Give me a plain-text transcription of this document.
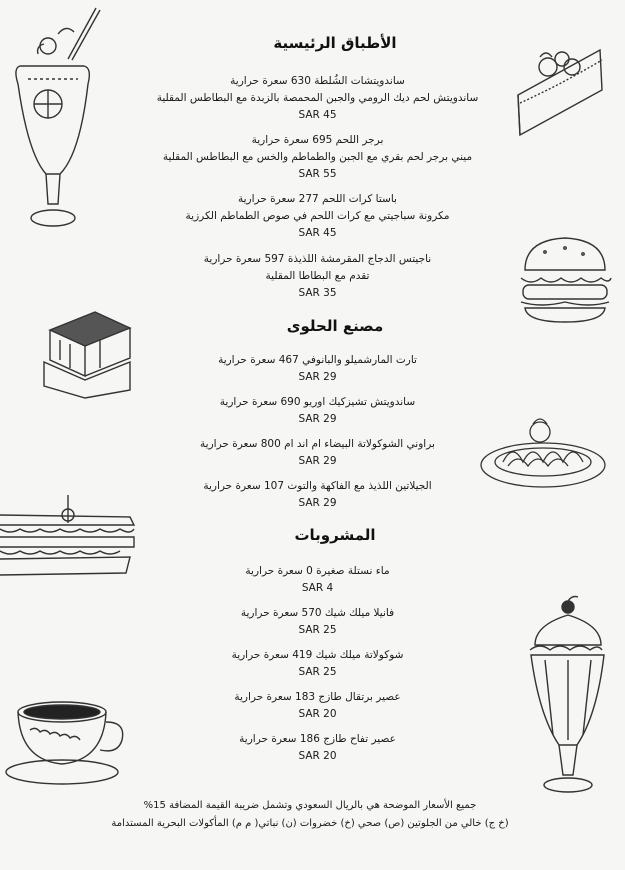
الأطباق الرئيسية
ساندويتشات الشُلطة 630 سعرة حرارية
ساندويتش لحم ديك الرومي والجبن المحمصة بالزبدة مع البطاطس المقلية
SAR 45
برجر اللحم 695 سعرة حرارية
ميني برجر لحم بقري مع الجبن والطماطم والخس مع البطاطس المقلية
SAR 55
باستا كرات اللحم 277 سعرة حرارية
مكرونة سباجيتي مع كرات اللحم في صوص الطماطم الكرزية
SAR 45
ناجيتس الدجاج المقرمشة اللذيذة 597 سعرة حرارية
تقدم مع البطاطا المقلية
SAR 35
مصنع الحلوى
تارت المارشميلو والبانوفي 467 سعرة حرارية
SAR 29
ساندويتش تشيزكيك اوريو 690 سعرة حرارية
SAR 29
براوني الشوكولاتة البيضاء ام اند ام 800 سعرة حرارية
SAR 29
الجيلاتين اللذيذ مع الفاكهة والتوت 107 سعرة حرارية
SAR 29
المشروبات
ماء نستلة صغيرة 0 سعرة حرارية
SAR 4
فانيلا ميلك شيك 570 سعرة حرارية
SAR 25
شوكولاتة ميلك شيك 419 سعرة حرارية
SAR 25
عصير برتقال طازج 183 سعرة حرارية
SAR 20
عصير تفاح طازج 186 سعرة حرارية
SAR 20
جميع الأسعار الموضحة هي بالريال السعودي وتشمل ضريبة القيمة المضافة 15%
(خ ج) خالي من الجلوتين (ص) صحي (خ) خضروات (ن) نباتي( م م) المأكولات البحرية المستدامة
